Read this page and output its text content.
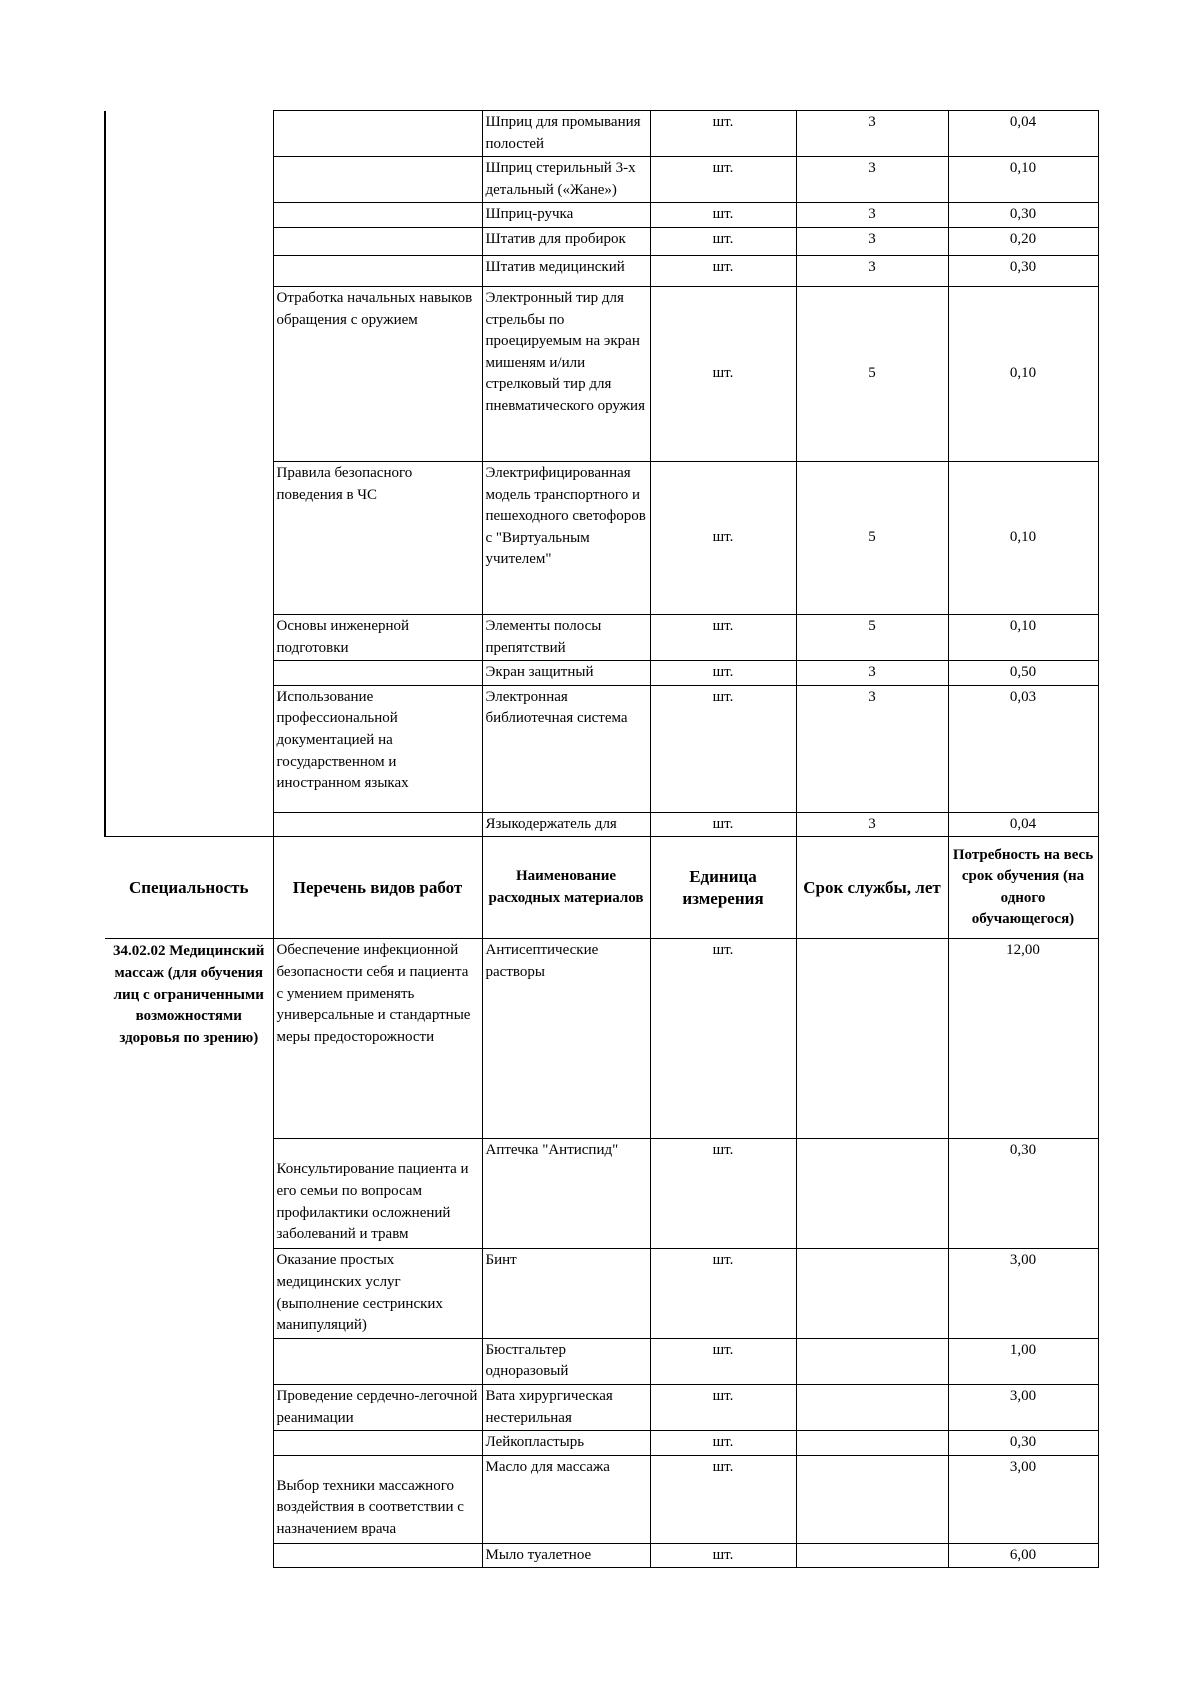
		Шприц для промывания полостей	шт.	3	0,04
		Шприц стерильный 3-х детальный («Жане»)	шт.	3	0,10
		Шприц-ручка	шт.	3	0,30
		Штатив для пробирок	шт.	3	0,20
		Штатив медицинский	шт.	3	0,30
	Отработка начальных навыков обращения с оружием	Электронный тир для стрельбы по проецируемым на экран мишеням и/или стрелковый тир для пневматического оружия	шт.	5	0,10
	Правила безопасного поведения в ЧС	Электрифицированная модель транспортного и пешеходного светофоров с "Виртуальным учителем"	шт.	5	0,10
	Основы инженерной подготовки	Элементы полосы препятствий	шт.	5	0,10
		Экран защитный	шт.	3	0,50
	Использование профессиональной документацией на государственном и иностранном языках	Электронная библиотечная система	шт.	3	0,03
		Языкодержатель для	шт.	3	0,04
Специальность	Перечень видов работ	Наименование расходных материалов	Единица измерения	Срок службы, лет	Потребность на весь срок обучения (на одного обучающегося)
34.02.02 Медицинский массаж (для обучения лиц с ограниченными возможностями здоровья по зрению)	Обеспечение инфекционной безопасности себя и пациента с умением применять универсальные и стандартные меры предосторожности	Антисептические растворы	шт.		12,00
	Консультирование пациента и его семьи по вопросам профилактики осложнений заболеваний и травм	Аптечка "Антиспид"	шт.		0,30
	Оказание простых медицинских услуг (выполнение сестринских манипуляций)	Бинт	шт.		3,00
		Бюстгальтер одноразовый	шт.		1,00
	Проведение сердечно-легочной реанимации	Вата хирургическая нестерильная	шт.		3,00
		Лейкопластырь	шт.		0,30
	Выбор техники массажного воздействия в соответствии с назначением врача	Масло для массажа	шт.		3,00
		Мыло туалетное	шт.		6,00
